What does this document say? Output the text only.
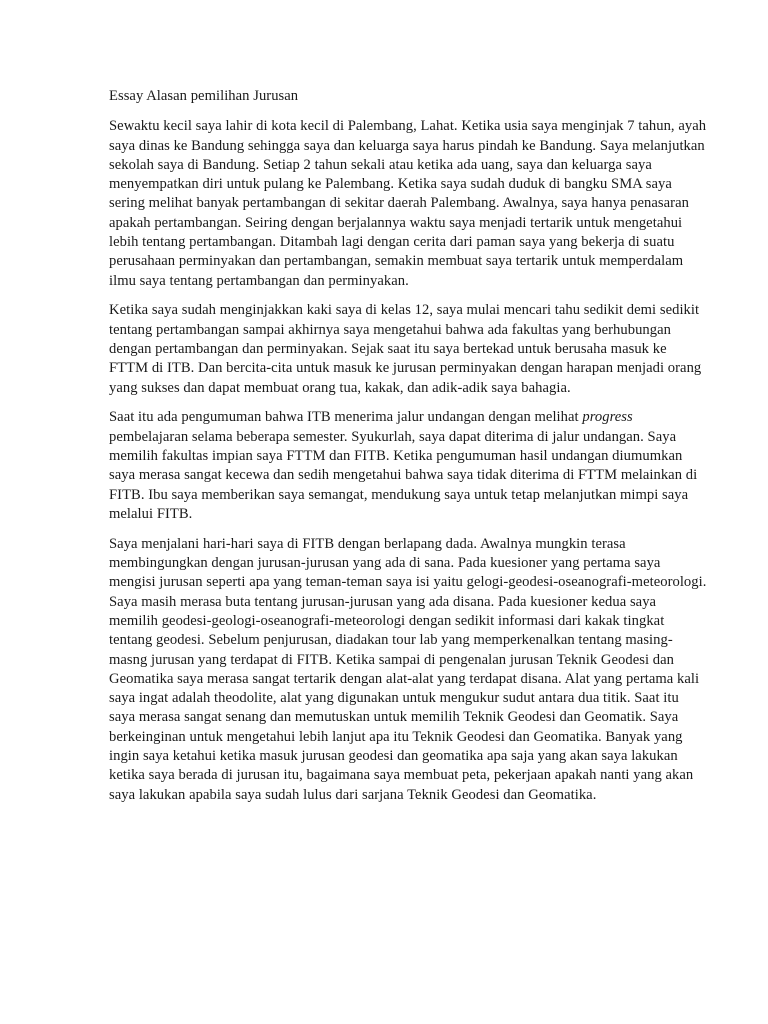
Essay Alasan pemilihan Jurusan

Sewaktu kecil saya lahir di kota kecil di Palembang, Lahat. Ketika usia saya menginjak 7 tahun, ayah saya dinas ke Bandung sehingga saya dan keluarga saya harus pindah ke Bandung. Saya melanjutkan sekolah saya di Bandung. Setiap 2 tahun sekali atau ketika ada uang, saya dan keluarga saya menyempatkan diri untuk pulang ke Palembang. Ketika saya sudah duduk di bangku SMA saya sering melihat banyak pertambangan di sekitar daerah Palembang. Awalnya, saya hanya penasaran apakah pertambangan. Seiring dengan berjalannya waktu saya menjadi tertarik untuk mengetahui lebih tentang pertambangan. Ditambah lagi dengan cerita dari paman saya yang bekerja di suatu perusahaan perminyakan dan pertambangan, semakin membuat saya tertarik untuk memperdalam ilmu saya tentang pertambangan dan perminyakan.

Ketika saya sudah menginjakkan kaki saya di kelas 12, saya mulai mencari tahu sedikit demi sedikit tentang pertambangan sampai akhirnya saya mengetahui bahwa ada fakultas yang berhubungan dengan pertambangan dan perminyakan. Sejak saat itu saya bertekad untuk berusaha masuk ke FTTM di ITB. Dan bercita-cita untuk masuk ke jurusan perminyakan dengan harapan menjadi orang yang sukses dan dapat membuat orang tua, kakak, dan adik-adik saya bahagia.

Saat itu ada pengumuman bahwa ITB menerima jalur undangan dengan melihat progress pembelajaran selama beberapa semester. Syukurlah, saya dapat diterima di jalur undangan. Saya memilih fakultas impian saya FTTM dan FITB. Ketika pengumuman hasil undangan diumumkan saya merasa sangat kecewa dan sedih mengetahui bahwa saya tidak diterima di FTTM melainkan di FITB. Ibu saya memberikan saya semangat, mendukung saya untuk tetap melanjutkan mimpi saya melalui FITB.

Saya menjalani hari-hari saya di FITB dengan berlapang dada. Awalnya mungkin terasa membingungkan dengan jurusan-jurusan yang ada di sana. Pada kuesioner yang pertama saya mengisi jurusan seperti apa yang teman-teman saya isi yaitu gelogi-geodesi-oseanografi-meteorologi. Saya masih merasa buta tentang jurusan-jurusan yang ada disana. Pada kuesioner kedua saya memilih geodesi-geologi-oseanografi-meteorologi dengan sedikit informasi dari kakak tingkat tentang geodesi. Sebelum penjurusan, diadakan tour lab yang memperkenalkan tentang masing-masng jurusan yang terdapat di FITB. Ketika sampai di pengenalan jurusan Teknik Geodesi dan Geomatika saya merasa sangat tertarik dengan alat-alat yang terdapat disana. Alat yang pertama kali saya ingat adalah theodolite, alat yang digunakan untuk mengukur sudut antara dua titik. Saat itu saya merasa sangat senang dan memutuskan untuk memilih Teknik Geodesi dan Geomatik. Saya berkeinginan untuk mengetahui lebih lanjut apa itu Teknik Geodesi dan Geomatika. Banyak yang ingin saya ketahui ketika masuk jurusan geodesi dan geomatika apa saja yang akan saya lakukan ketika saya berada di jurusan itu, bagaimana saya membuat peta, pekerjaan apakah nanti yang akan saya lakukan apabila saya sudah lulus dari sarjana Teknik Geodesi dan Geomatika.
